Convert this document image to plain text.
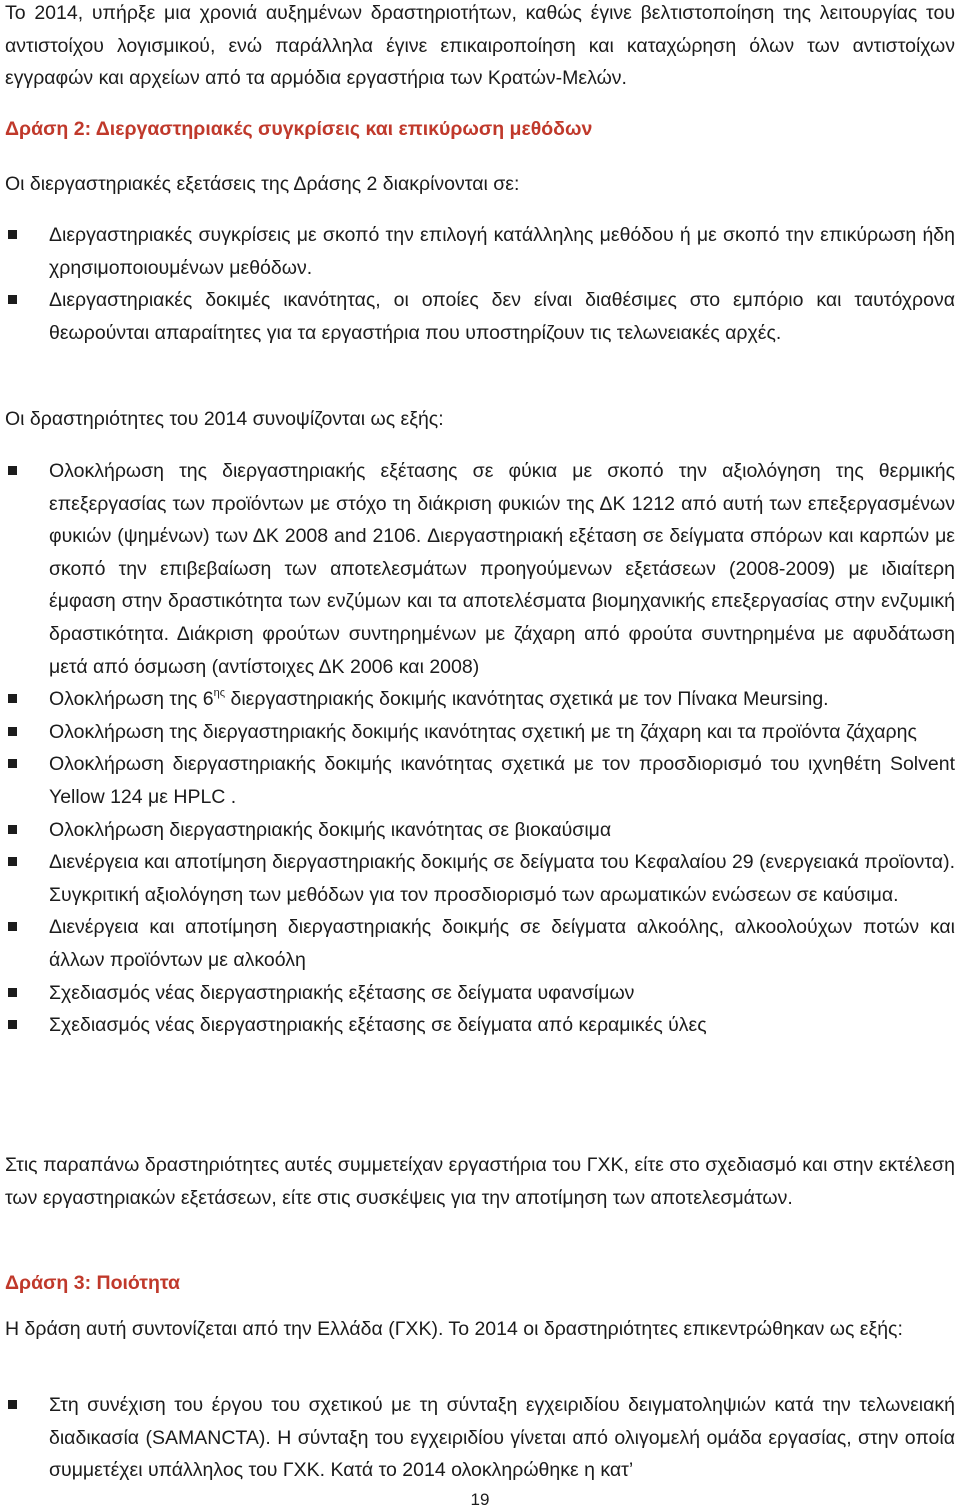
Το 2014, υπήρξε μια χρονιά αυξημένων δραστηριοτήτων, καθώς έγινε βελτιστοποίηση της λειτουργίας του αντιστοίχου λογισμικού, ενώ παράλληλα έγινε επικαιροποίηση και καταχώρηση όλων των αντιστοίχων εγγραφών και αρχείων από τα αρμόδια εργαστήρια των Κρατών-Μελών.

Δράση 2: Διεργαστηριακές συγκρίσεις και επικύρωση μεθόδων

Οι διεργαστηριακές εξετάσεις της Δράσης 2 διακρίνονται σε:

Διεργαστηριακές συγκρίσεις με σκοπό την επιλογή κατάλληλης μεθόδου ή με σκοπό την επικύρωση ήδη χρησιμοποιουμένων μεθόδων.
Διεργαστηριακές δοκιμές ικανότητας, οι οποίες δεν είναι διαθέσιμες στο εμπόριο και ταυτόχρονα θεωρούνται απαραίτητες για τα εργαστήρια που υποστηρίζουν τις τελωνειακές αρχές.

Οι δραστηριότητες του 2014 συνοψίζονται ως εξής:

Ολοκλήρωση της διεργαστηριακής εξέτασης σε φύκια με σκοπό την αξιολόγηση της θερμικής επεξεργασίας των προϊόντων με στόχο τη διάκριση φυκιών της ΔΚ 1212 από αυτή των επεξεργασμένων φυκιών (ψημένων) των ΔΚ 2008 and 2106. Διεργαστηριακή εξέταση σε δείγματα σπόρων και καρπών με σκοπό την επιβεβαίωση των αποτελεσμάτων προηγούμενων εξετάσεων (2008-2009) με ιδιαίτερη έμφαση στην δραστικότητα των ενζύμων και τα αποτελέσματα βιομηχανικής επεξεργασίας στην ενζυμική δραστικότητα. Διάκριση φρούτων συντηρημένων με ζάχαρη από φρούτα συντηρημένα με αφυδάτωση μετά από όσμωση (αντίστοιχες ΔΚ 2006 και 2008)
Ολοκλήρωση της $6^{\eta\varsigma}$ διεργαστηριακής δοκιμής ικανότητας σχετικά με τον Πίνακα Meursing.
Ολοκλήρωση της διεργαστηριακής δοκιμής ικανότητας σχετική με τη ζάχαρη και τα προϊόντα ζάχαρης
Ολοκλήρωση διεργαστηριακής δοκιμής ικανότητας σχετικά με τον προσδιορισμό του ιχνηθέτη Solvent Yellow 124 με HPLC .
Ολοκλήρωση διεργαστηριακής δοκιμής ικανότητας σε βιοκαύσιμα
Διενέργεια και αποτίμηση διεργαστηριακής δοκιμής σε δείγματα του Κεφαλαίου 29 (ενεργειακά προϊοντα). Συγκριτική αξιολόγηση των μεθόδων για τον προσδιορισμό των αρωματικών ενώσεων σε καύσιμα.
Διενέργεια και αποτίμηση διεργαστηριακής δοικμής σε δείγματα αλκοόλης, αλκοολούχων ποτών και άλλων προϊόντων με αλκοόλη
Σχεδιασμός νέας διεργαστηριακής εξέτασης σε δείγματα υφανσίμων
Σχεδιασμός νέας διεργαστηριακής εξέτασης σε δείγματα από κεραμικές ύλες

Στις παραπάνω δραστηριότητες αυτές συμμετείχαν εργαστήρια του ΓΧΚ, είτε στο σχεδιασμό και στην εκτέλεση των εργαστηριακών εξετάσεων, είτε στις συσκέψεις για την αποτίμηση των αποτελεσμάτων.

Δράση 3: Ποιότητα

Η δράση αυτή συντονίζεται από την Ελλάδα (ΓΧΚ). Το 2014 οι δραστηριότητες επικεντρώθηκαν ως εξής:

Στη συνέχιση του έργου του σχετικού με τη σύνταξη εγχειριδίου δειγματοληψιών κατά την τελωνειακή διαδικασία (SAMANCTA). Η σύνταξη του εγχειριδίου γίνεται από ολιγομελή ομάδα εργασίας, στην οποία συμμετέχει υπάλληλος του ΓΧΚ. Κατά το 2014 ολοκληρώθηκε η κατ’
19
